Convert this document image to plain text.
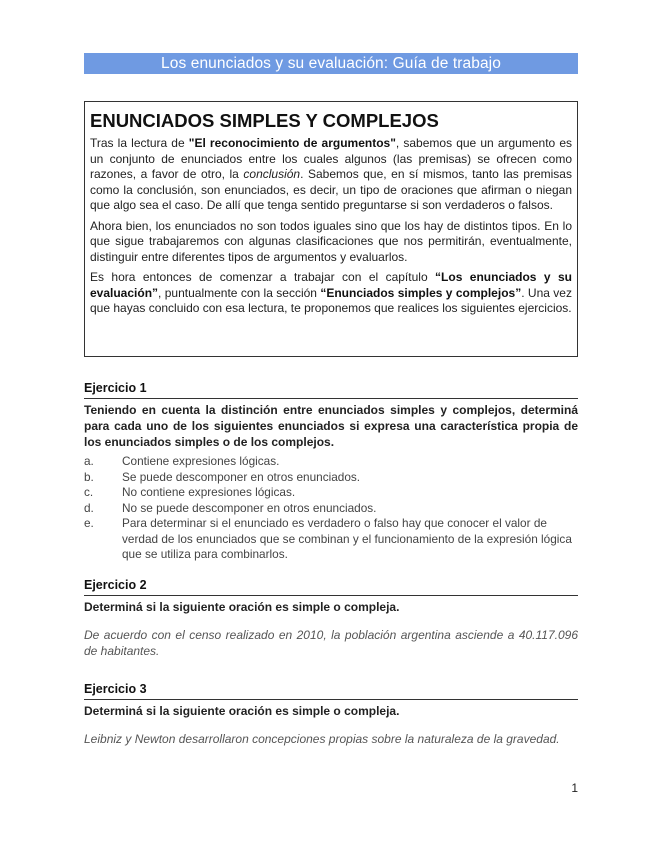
Los enunciados y su evaluación: Guía de trabajo
ENUNCIADOS SIMPLES Y COMPLEJOS

Tras la lectura de "El reconocimiento de argumentos", sabemos que un argumento es un conjunto de enunciados entre los cuales algunos (las premisas) se ofrecen como razones, a favor de otro, la conclusión. Sabemos que, en sí mismos, tanto las premisas como la conclusión, son enunciados, es decir, un tipo de oraciones que afirman o niegan que algo sea el caso. De allí que tenga sentido preguntarse si son verdaderos o falsos.

Ahora bien, los enunciados no son todos iguales sino que los hay de distintos tipos. En lo que sigue trabajaremos con algunas clasificaciones que nos permitirán, eventualmente, distinguir entre diferentes tipos de argumentos y evaluarlos.

Es hora entonces de comenzar a trabajar con el capítulo “Los enunciados y su evaluación”, puntualmente con la sección “Enunciados simples y complejos”. Una vez que hayas concluido con esa lectura, te proponemos que realices los siguientes ejercicios.

Ejercicio 1
Teniendo en cuenta la distinción entre enunciados simples y complejos, determiná para cada uno de los siguientes enunciados si expresa una característica propia de los enunciados simples o de los complejos.
a.	Contiene expresiones lógicas.
b.	Se puede descomponer en otros enunciados.
c.	No contiene expresiones lógicas.
d.	No se puede descomponer en otros enunciados.
e.	Para determinar si el enunciado es verdadero o falso hay que conocer el valor de verdad de los enunciados que se combinan y el funcionamiento de la expresión lógica que se utiliza para combinarlos.
Ejercicio 2
Determiná si la siguiente oración es simple o compleja.
De acuerdo con el censo realizado en 2010, la población argentina asciende a 40.117.096 de habitantes.
Ejercicio 3
Determiná si la siguiente oración es simple o compleja.
Leibniz y Newton desarrollaron concepciones propias sobre la naturaleza de la gravedad.
1
